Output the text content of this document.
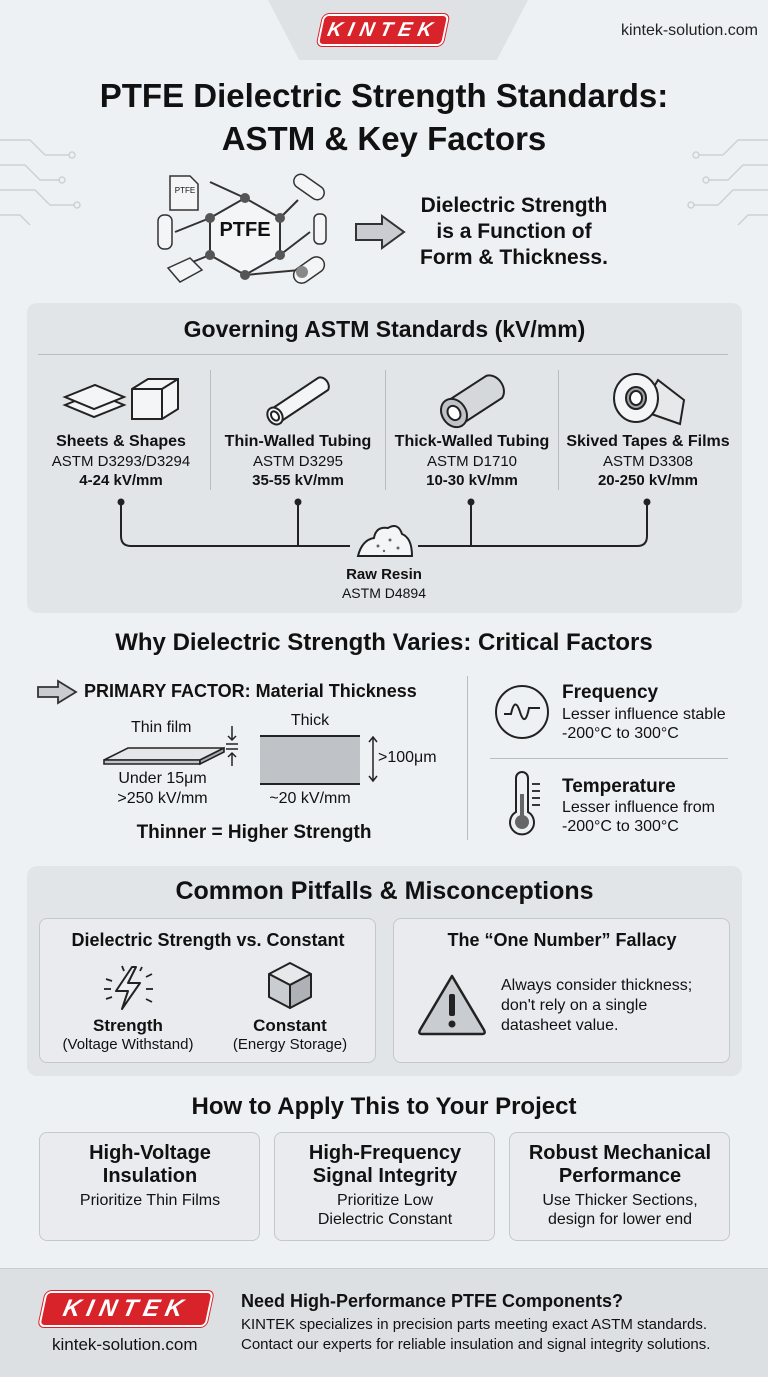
KINTEK	kintek-solution.com
PTFE Dielectric Strength Standards:
ASTM & Key Factors
PTFE
PTFE
Dielectric Strength
is a Function of
Form & Thickness.
Governing ASTM Standards (kV/mm)
Sheets & Shapes
ASTM D3293/D3294
4-24 kV/mm
Thin-Walled Tubing
ASTM D3295
35-55 kV/mm
Thick-Walled Tubing
ASTM D1710
10-30 kV/mm
Skived Tapes & Films
ASTM D3308
20-250 kV/mm
Raw Resin
ASTM D4894
Why Dielectric Strength Varies: Critical Factors
PRIMARY FACTOR: Material Thickness
Thin film
Under 15μm
>250 kV/mm
Thick
>100μm
~20 kV/mm
Thinner = Higher Strength
Frequency
Lesser influence stable
-200°C to 300°C
Temperature
Lesser influence from
-200°C to 300°C
Common Pitfalls & Misconceptions
Dielectric Strength vs. Constant
Strength
(Voltage Withstand)
Constant
(Energy Storage)
The “One Number” Fallacy
Always consider thickness;
don't rely on a single
datasheet value.
How to Apply This to Your Project
High-Voltage
Insulation
Prioritize Thin Films
High-Frequency
Signal Integrity
Prioritize Low
Dielectric Constant
Robust Mechanical
Performance
Use Thicker Sections,
design for lower end
KINTEK
kintek-solution.com
Need High-Performance PTFE Components?
KINTEK specializes in precision parts meeting exact ASTM standards.
Contact our experts for reliable insulation and signal integrity solutions.
